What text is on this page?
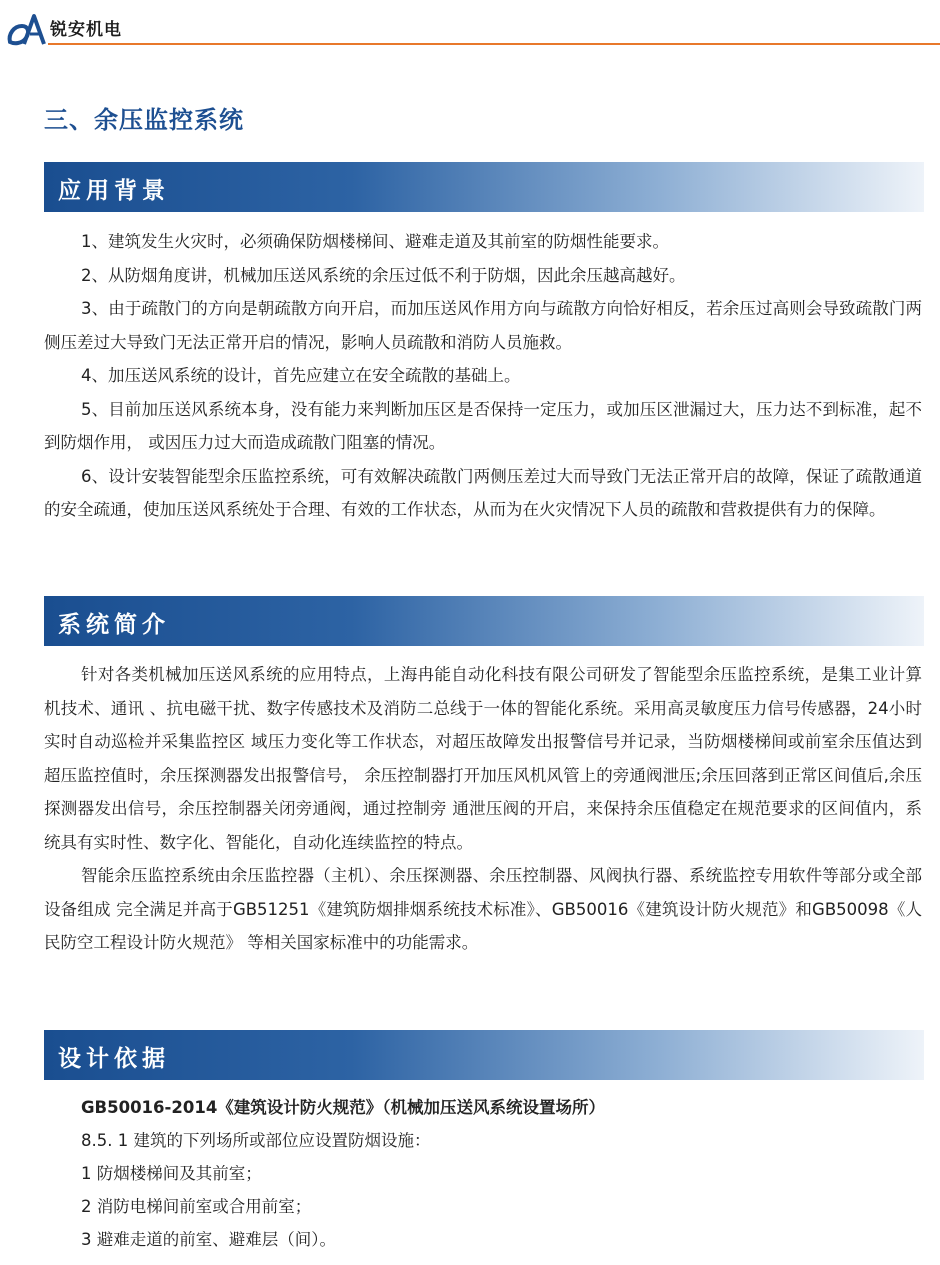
锐安机电
三、余压监控系统
应用背景

1、建筑发生火灾时，必须确保防烟楼梯间、避难走道及其前室的防烟性能要求。

2、从防烟角度讲，机械加压送风系统的余压过低不利于防烟，因此余压越高越好。

3、由于疏散门的方向是朝疏散方向开启，而加压送风作用方向与疏散方向恰好相反，若余压过高则会导致疏散门两侧压差过大导致门无法正常开启的情况，影响人员疏散和消防人员施救。

4、加压送风系统的设计，首先应建立在安全疏散的基础上。

5、目前加压送风系统本身，没有能力来判断加压区是否保持一定压力，或加压区泄漏过大，压力达不到标准，起不到防烟作用， 或因压力过大而造成疏散门阻塞的情况。

6、设计安装智能型余压监控系统，可有效解决疏散门两侧压差过大而导致门无法正常开启的故障，保证了疏散通道的安全疏通，使加压送风系统处于合理、有效的工作状态，从而为在火灾情况下人员的疏散和营救提供有力的保障。

系统简介

针对各类机械加压送风系统的应用特点，上海冉能自动化科技有限公司研发了智能型余压监控系统，是集工业计算机技术、通讯 、抗电磁干扰、数字传感技术及消防二总线于一体的智能化系统。采用高灵敏度压力信号传感器，24小时实时自动巡检并采集监控区 域压力变化等工作状态，对超压故障发出报警信号并记录，当防烟楼梯间或前室余压值达到超压监控值时，余压探测器发出报警信号， 余压控制器打开加压风机风管上的旁通阀泄压;余压回落到正常区间值后,余压探测器发出信号，余压控制器关闭旁通阀，通过控制旁 通泄压阀的开启，来保持余压值稳定在规范要求的区间值内，系统具有实时性、数字化、智能化，自动化连续监控的特点。

智能余压监控系统由余压监控器（主机）、余压探测器、余压控制器、风阀执行器、系统监控专用软件等部分或全部设备组成 完全满足并高于GB51251《建筑防烟排烟系统技术标准》、GB50016《建筑设计防火规范》和GB50098《人民防空工程设计防火规范》 等相关国家标准中的功能需求。

设计依据

GB50016-2014《建筑设计防火规范》（机械加压送风系统设置场所）

8.5. 1 建筑的下列场所或部位应设置防烟设施：

1 防烟楼梯间及其前室；

2 消防电梯间前室或合用前室；

3 避难走道的前室、避难层（间）。
